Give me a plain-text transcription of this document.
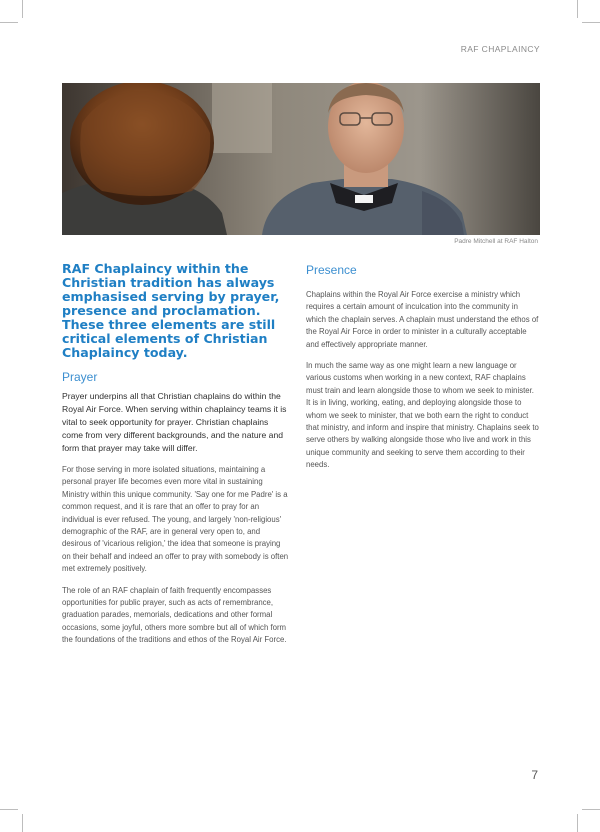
RAF CHAPLAINCY
Padre Mitchell at RAF Halton

RAF Chaplaincy within the Christian tradition has always emphasised serving by prayer, presence and proclamation. These three elements are still critical elements of Christian Chaplaincy today.

Prayer

Prayer underpins all that Christian chaplains do within the Royal Air Force. When serving within chaplaincy teams it is vital to seek opportunity for prayer. Christian chaplains come from very different backgrounds, and the nature and form that prayer may take will differ.

For those serving in more isolated situations, maintaining a personal prayer life becomes even more vital in sustaining Ministry within this unique community. 'Say one for me Padre' is a common request, and it is rare that an offer to pray for an individual is ever refused. The young, and largely 'non-religious' demographic of the RAF, are in general very open to, and desirous of 'vicarious religion,' the idea that someone is praying on their behalf and indeed an offer to pray with somebody is often met extremely positively.

The role of an RAF chaplain of faith frequently encompasses opportunities for public prayer, such as acts of remembrance, graduation parades, memorials, dedications and other formal occasions, some joyful, others more sombre but all of which form the foundations of the traditions and ethos of the Royal Air Force.

Presence

Chaplains within the Royal Air Force exercise a ministry which requires a certain amount of inculcation into the community in which the chaplain serves. A chaplain must understand the ethos of the Royal Air Force in order to minister in a culturally acceptable and effectively appropriate manner.

In much the same way as one might learn a new language or various customs when working in a new context, RAF chaplains must train and learn alongside those to whom we seek to minister. It is in living, working, eating, and deploying alongside those to whom we seek to minister, that we both earn the right to conduct that ministry, and inform and inspire that ministry. Chaplains seek to serve others by walking alongside those who live and work in this unique community and seeking to serve them according to their needs.

7
